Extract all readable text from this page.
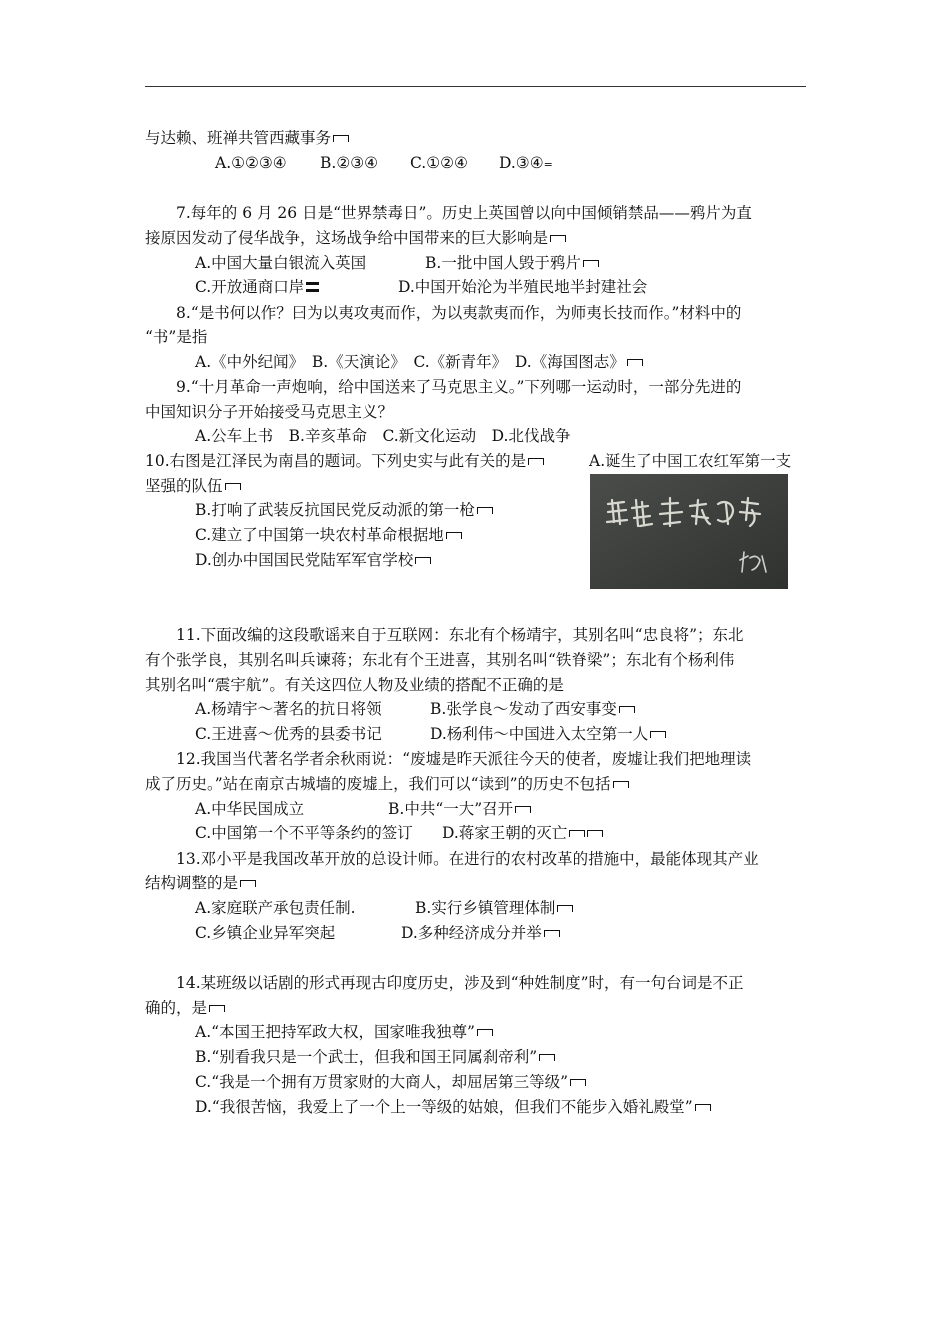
与达赖、班禅共管西藏事务
A.①②③④ B.②③④ C.①②④ D.③④=
7.每年的 6 月 26 日是“世界禁毒日”。历史上英国曾以向中国倾销禁品——鸦片为直
接原因发动了侵华战争，这场战争给中国带来的巨大影响是
A.中国大量白银流入英国	B.一批中国人毁于鸦片
C.开放通商口岸	D.中国开始沦为半殖民地半封建社会
8.“是书何以作？曰为以夷攻夷而作，为以夷款夷而作，为师夷长技而作。”材料中的
“书”是指
A.《中外纪闻》　B.《天演论》　C.《新青年》　D.《海国图志》
9.“十月革命一声炮响，给中国送来了马克思主义。”下列哪一运动时，一部分先进的
中国知识分子开始接受马克思主义？
A.公车上书　B.辛亥革命　C.新文化运动　D.北伐战争
10.右图是江泽民为南昌的题词。下列史实与此有关的是	A.诞生了中国工农红军第一支
坚强的队伍
B.打响了武装反抗国民党反动派的第一枪
C.建立了中国第一块农村革命根据地
D.创办中国国民党陆军军官学校
11.下面改编的这段歌谣来自于互联网：东北有个杨靖宇，其别名叫“忠良将”；东北
有个张学良，其别名叫兵谏蒋；东北有个王进喜，其别名叫“铁脊梁”；东北有个杨利伟
其别名叫“震宇航”。有关这四位人物及业绩的搭配不正确的是
A.杨靖宇～著名的抗日将领	B.张学良～发动了西安事变
C.王进喜～优秀的县委书记	D.杨利伟～中国进入太空第一人
12.我国当代著名学者余秋雨说：“废墟是昨天派往今天的使者，废墟让我们把地理读
成了历史。”站在南京古城墙的废墟上，我们可以“读到”的历史不包括
A.中华民国成立	B.中共“一大”召开
C.中国第一个不平等条约的签订 D.蒋家王朝的灭亡
13.邓小平是我国改革开放的总设计师。在进行的农村改革的措施中，最能体现其产业
结构调整的是
A.家庭联产承包责任制.	B.实行乡镇管理体制
C.乡镇企业异军突起	D.多种经济成分并举
14.某班级以话剧的形式再现古印度历史，涉及到“种姓制度”时，有一句台词是不正
确的，是
A.“本国王把持军政大权，国家唯我独尊”
B.“别看我只是一个武士，但我和国王同属刹帝利”
C.“我是一个拥有万贯家财的大商人，却屈居第三等级”
D.“我很苦恼，我爱上了一个上一等级的姑娘，但我们不能步入婚礼殿堂”
